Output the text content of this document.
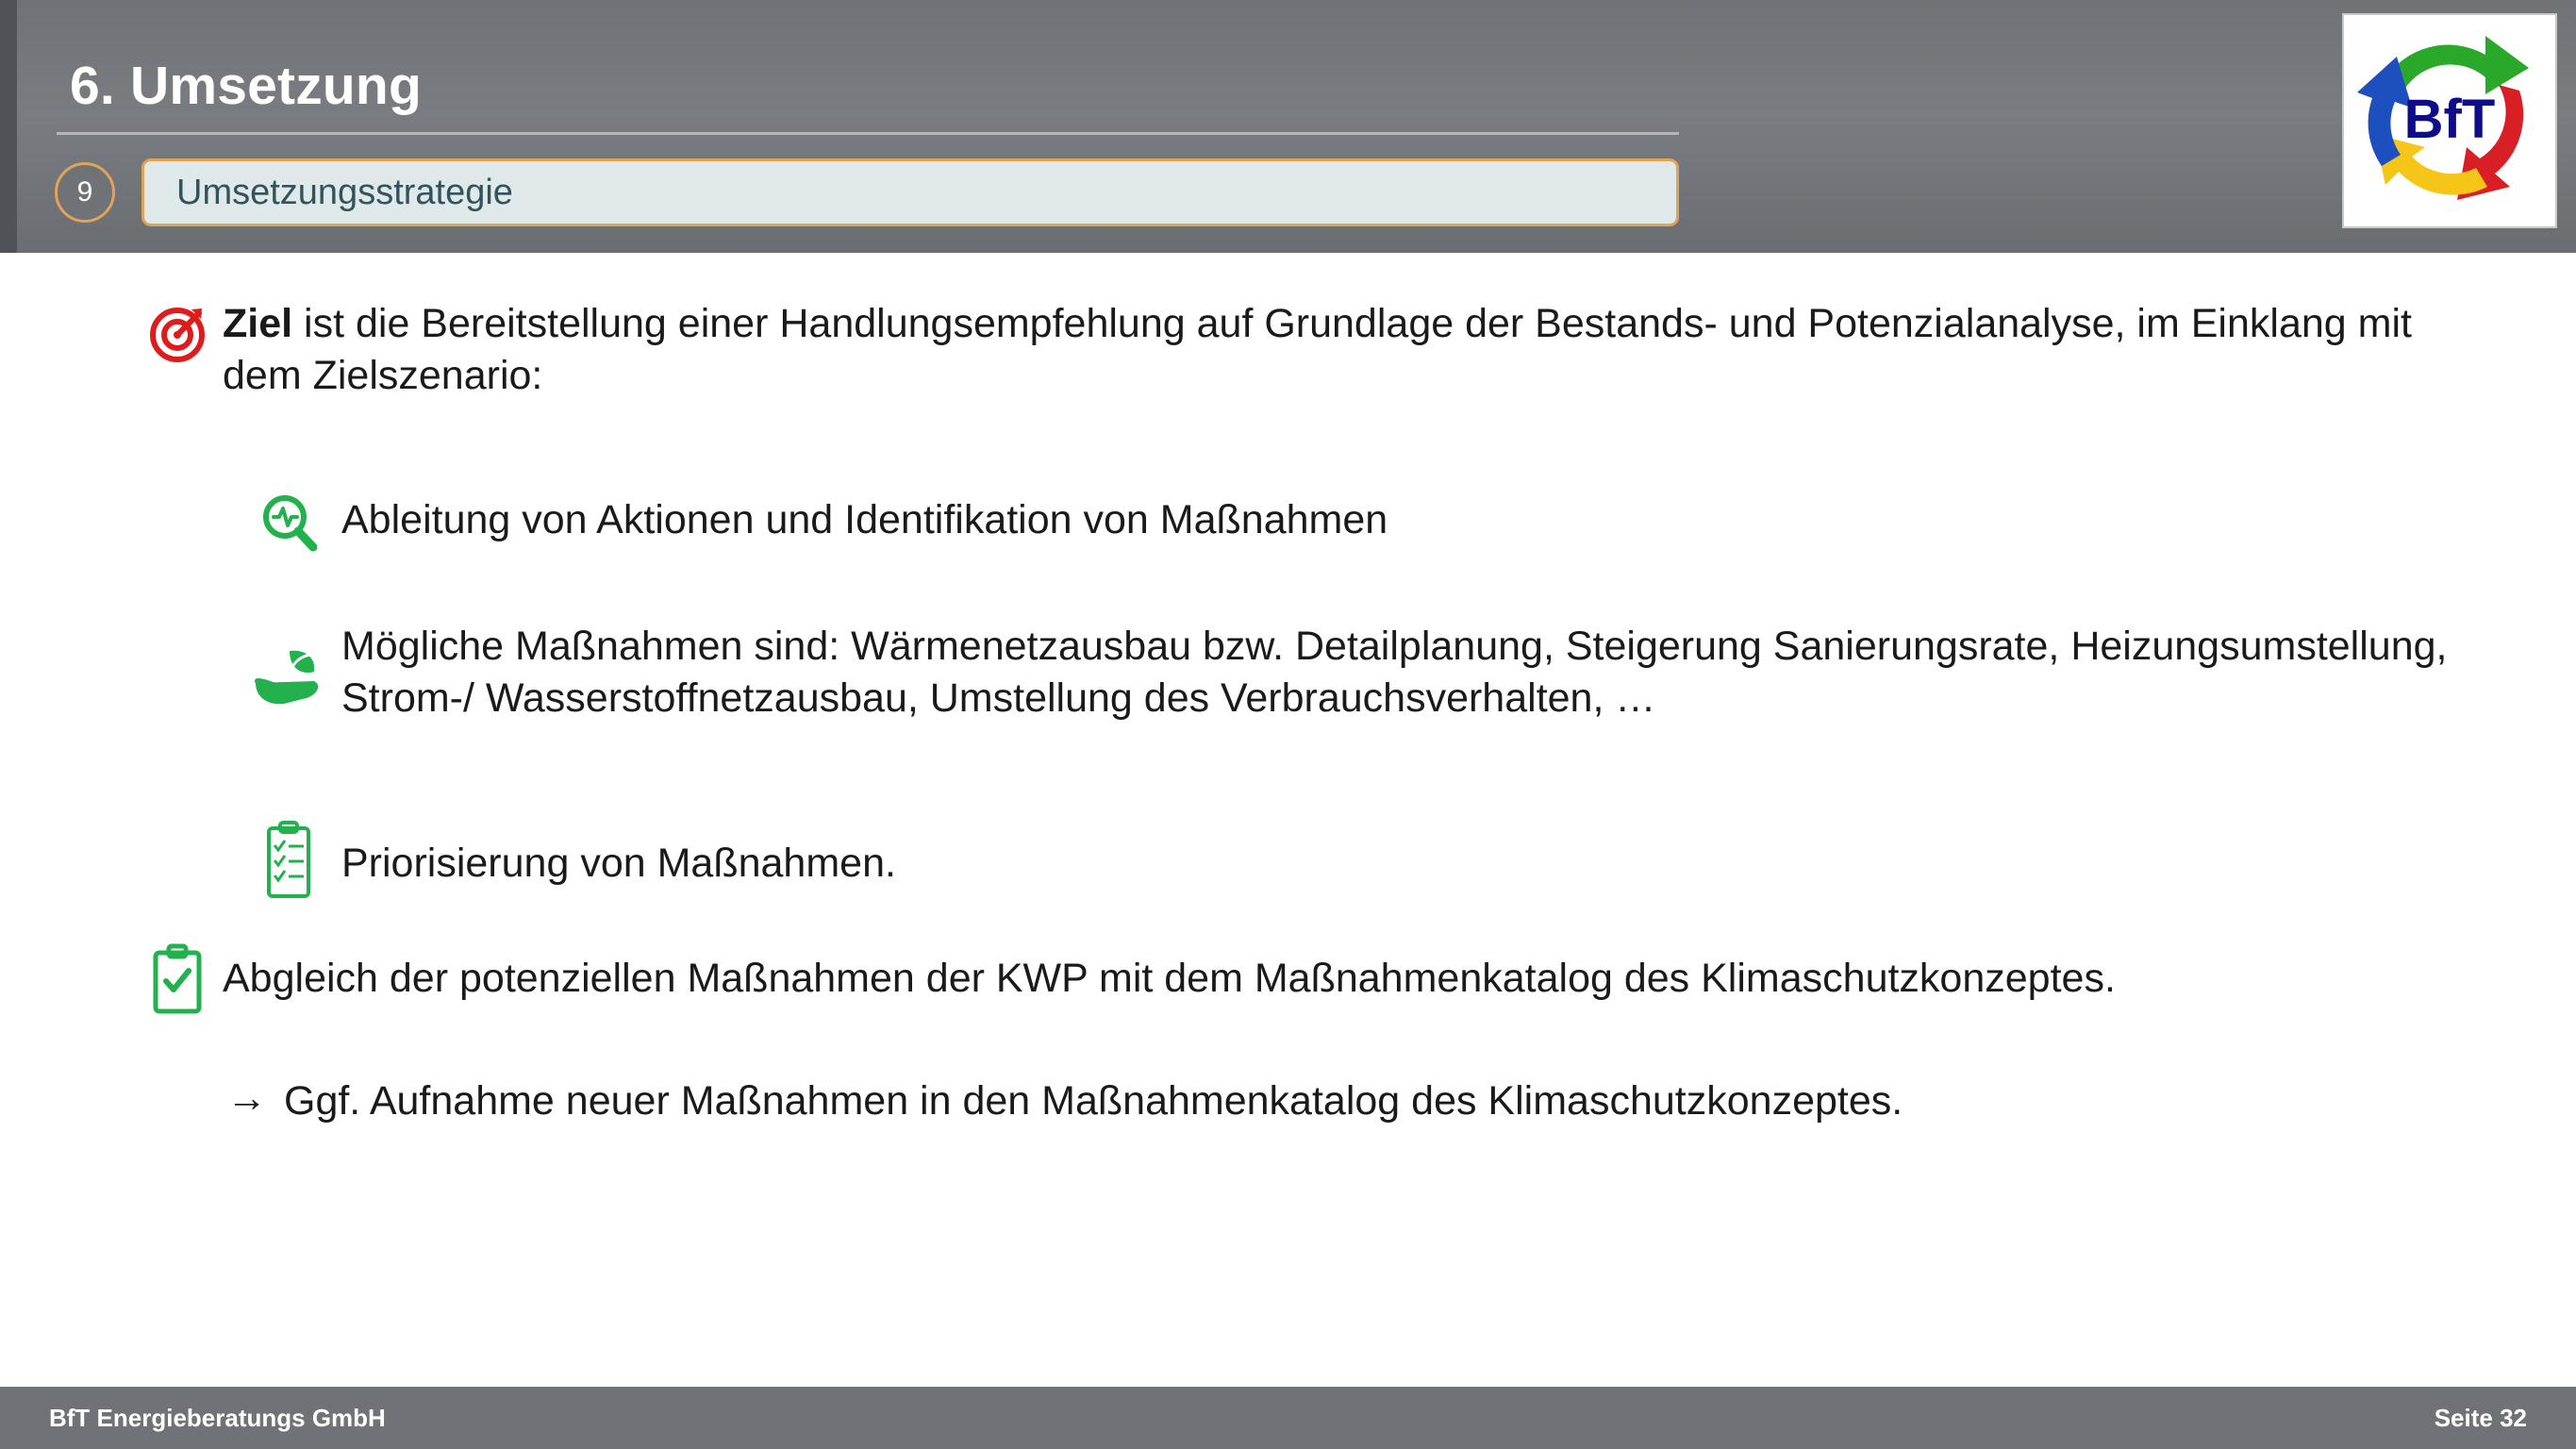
6. Umsetzung
9	Umsetzungsstrategie
BfT
Ziel ist die Bereitstellung einer Handlungsempfehlung auf Grundlage der Bestands- und Potenzialanalyse, im Einklang mit dem Zielszenario:
Ableitung von Aktionen und Identifikation von Maßnahmen
Mögliche Maßnahmen sind: Wärmenetzausbau bzw. Detailplanung, Steigerung Sanierungsrate, Heizungsumstellung, Strom-/ Wasserstoffnetzausbau, Umstellung des Verbrauchsverhalten, …
Priorisierung von Maßnahmen.
Abgleich der potenziellen Maßnahmen der KWP mit dem Maßnahmenkatalog des Klimaschutzkonzeptes.
→ Ggf. Aufnahme neuer Maßnahmen in den Maßnahmenkatalog des Klimaschutzkonzeptes.
BfT Energieberatungs GmbH	Seite 32
